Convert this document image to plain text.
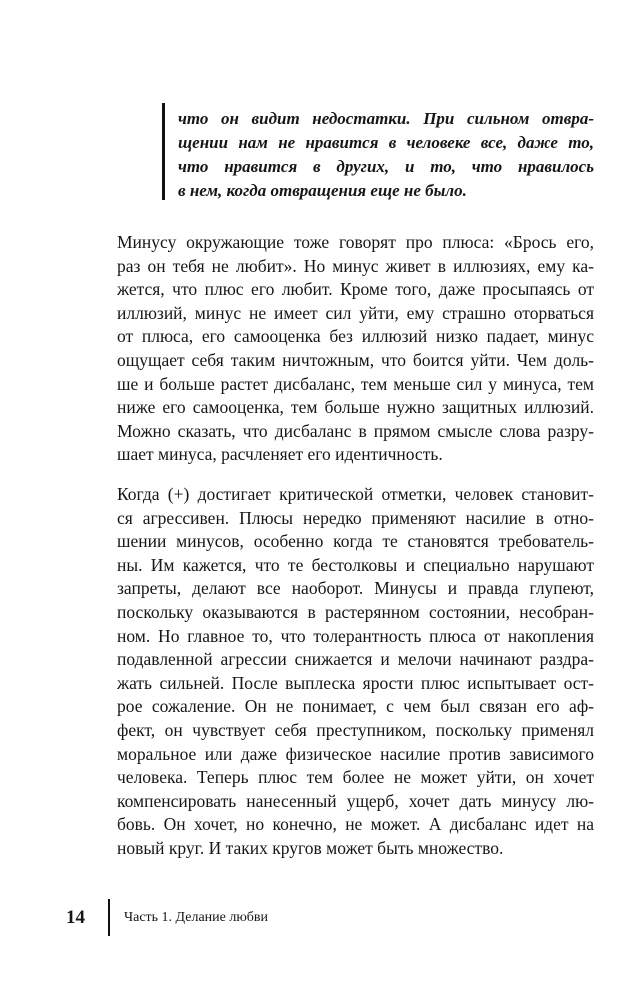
что он видит недостатки. При сильном отвра-
щении нам не нравится в человеке все, даже то,
что нравится в других, и то, что нравилось
в нем, когда отвращения еще не было.
Минусу окружающие тоже говорят про плюса: «Брось его,
раз он тебя не любит». Но минус живет в иллюзиях, ему ка-
жется, что плюс его любит. Кроме того, даже просыпаясь от
иллюзий, минус не имеет сил уйти, ему страшно оторваться
от плюса, его самооценка без иллюзий низко падает, минус
ощущает себя таким ничтожным, что боится уйти. Чем доль-
ше и больше растет дисбаланс, тем меньше сил у минуса, тем
ниже его самооценка, тем больше нужно защитных иллюзий.
Можно сказать, что дисбаланс в прямом смысле слова разру-
шает минуса, расчленяет его идентичность.
Когда (+) достигает критической отметки, человек становит-
ся агрессивен. Плюсы нередко применяют насилие в отно-
шении минусов, особенно когда те становятся требователь-
ны. Им кажется, что те бестолковы и специально нарушают
запреты, делают все наоборот. Минусы и правда глупеют,
поскольку оказываются в растерянном состоянии, несобран-
ном. Но главное то, что толерантность плюса от накопления
подавленной агрессии снижается и мелочи начинают раздра-
жать сильней. После выплеска ярости плюс испытывает ост-
рое сожаление. Он не понимает, с чем был связан его аф-
фект, он чувствует себя преступником, поскольку применял
моральное или даже физическое насилие против зависимого
человека. Теперь плюс тем более не может уйти, он хочет
компенсировать нанесенный ущерб, хочет дать минусу лю-
бовь. Он хочет, но конечно, не может. А дисбаланс идет на
новый круг. И таких кругов может быть множество.
14	Часть 1. Делание любви
